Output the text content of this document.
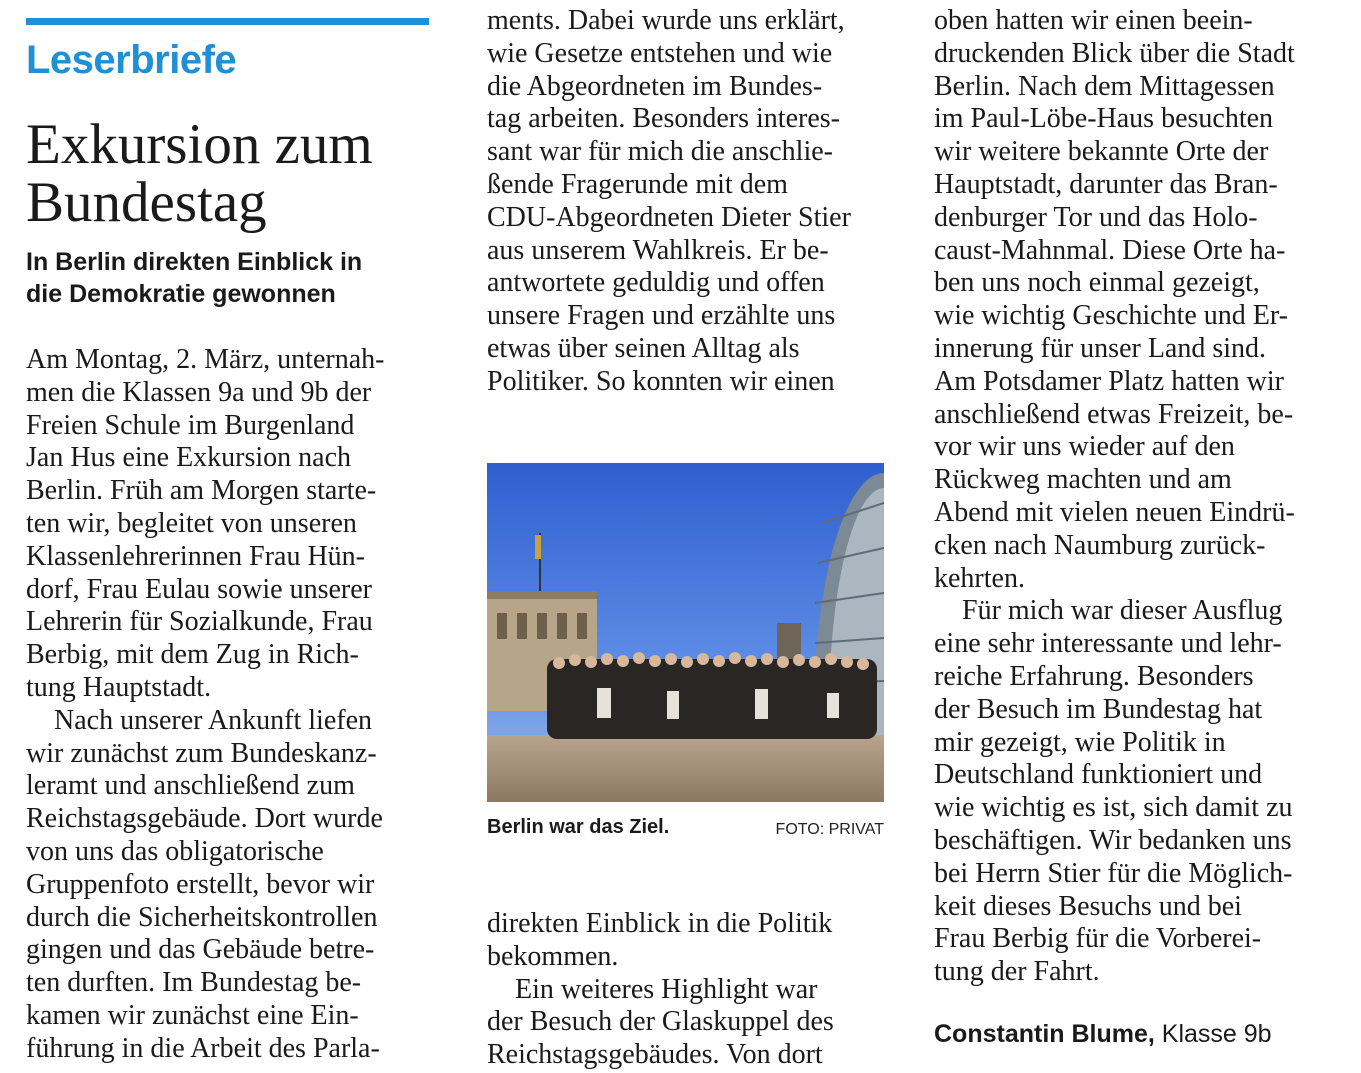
Leserbriefe
Exkursion zum
Bundestag
In Berlin direkten Einblick in
die Demokratie gewonnen

Am Montag, 2. März, unternah-
men die Klassen 9a und 9b der
Freien Schule im Burgenland
Jan Hus eine Exkursion nach
Berlin. Früh am Morgen starte-
ten wir, begleitet von unseren
Klassenlehrerinnen Frau Hün-
dorf, Frau Eulau sowie unserer
Lehrerin für Sozialkunde, Frau
Berbig, mit dem Zug in Rich-
tung Hauptstadt.
Nach unserer Ankunft liefen
wir zunächst zum Bundeskanz-
leramt und anschließend zum
Reichstagsgebäude. Dort wurde
von uns das obligatorische
Gruppenfoto erstellt, bevor wir
durch die Sicherheitskontrollen
gingen und das Gebäude betre-
ten durften. Im Bundestag be-
kamen wir zunächst eine Ein-
führung in die Arbeit des Parla-

ments. Dabei wurde uns erklärt,
wie Gesetze entstehen und wie
die Abgeordneten im Bundes-
tag arbeiten. Besonders interes-
sant war für mich die anschlie-
ßende Fragerunde mit dem
CDU-Abgeordneten Dieter Stier
aus unserem Wahlkreis. Er be-
antwortete geduldig und offen
unsere Fragen und erzählte uns
etwas über seinen Alltag als
Politiker. So konnten wir einen

Berlin war das Ziel.	FOTO: PRIVAT

direkten Einblick in die Politik
bekommen.
Ein weiteres Highlight war
der Besuch der Glaskuppel des
Reichstagsgebäudes. Von dort

oben hatten wir einen beein-
druckenden Blick über die Stadt
Berlin. Nach dem Mittagessen
im Paul-Löbe-Haus besuchten
wir weitere bekannte Orte der
Hauptstadt, darunter das Bran-
denburger Tor und das Holo-
caust-Mahnmal. Diese Orte ha-
ben uns noch einmal gezeigt,
wie wichtig Geschichte und Er-
innerung für unser Land sind.
Am Potsdamer Platz hatten wir
anschließend etwas Freizeit, be-
vor wir uns wieder auf den
Rückweg machten und am
Abend mit vielen neuen Eindrü-
cken nach Naumburg zurück-
kehrten.
Für mich war dieser Ausflug
eine sehr interessante und lehr-
reiche Erfahrung. Besonders
der Besuch im Bundestag hat
mir gezeigt, wie Politik in
Deutschland funktioniert und
wie wichtig es ist, sich damit zu
beschäftigen. Wir bedanken uns
bei Herrn Stier für die Möglich-
keit dieses Besuchs und bei
Frau Berbig für die Vorberei-
tung der Fahrt.

Constantin Blume, Klasse 9b
